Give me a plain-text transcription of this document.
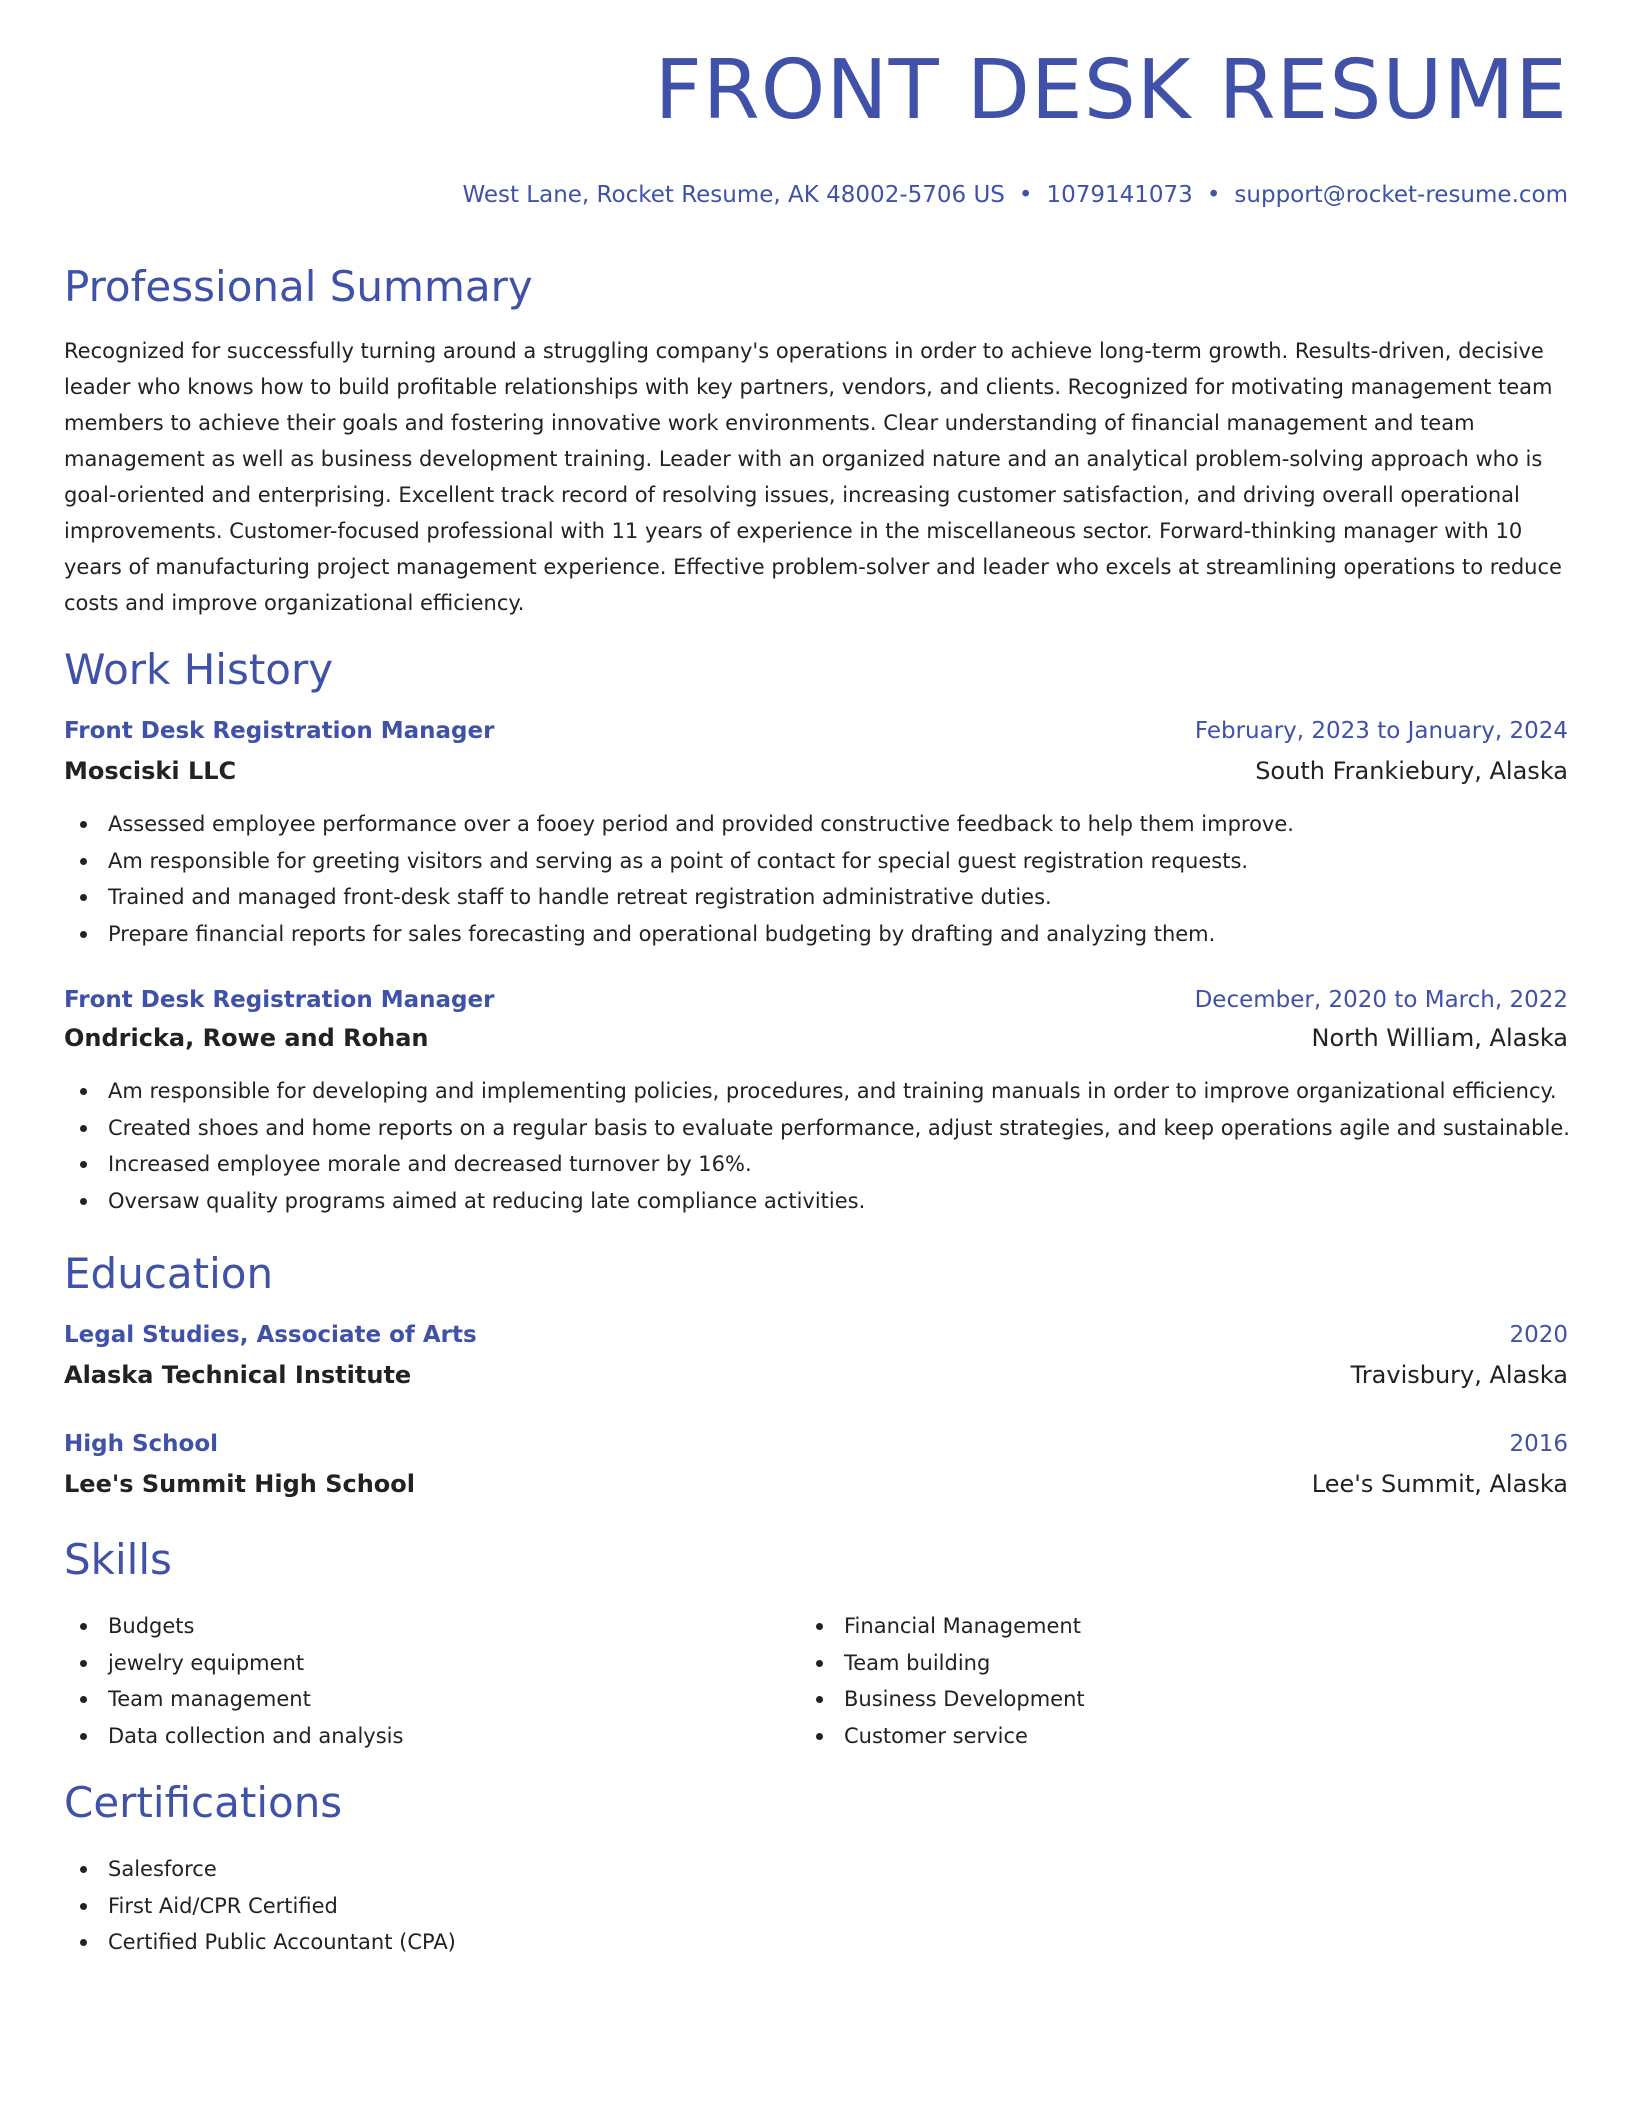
FRONT DESK RESUME
West Lane, Rocket Resume, AK 48002-5706 US • 1079141073 • support@rocket-resume.com
Professional Summary

Recognized for successfully turning around a struggling company's operations in order to achieve long-term growth. Results-driven, decisive leader who knows how to build profitable relationships with key partners, vendors, and clients. Recognized for motivating management team members to achieve their goals and fostering innovative work environments. Clear understanding of financial management and team management as well as business development training. Leader with an organized nature and an analytical problem-solving approach who is goal-oriented and enterprising. Excellent track record of resolving issues, increasing customer satisfaction, and driving overall operational improvements. Customer-focused professional with 11 years of experience in the miscellaneous sector. Forward-thinking manager with 10 years of manufacturing project management experience. Effective problem-solver and leader who excels at streamlining operations to reduce costs and improve organizational efficiency.

Work History
Front Desk Registration Manager	February, 2023 to January, 2024
Mosciski LLC	South Frankiebury, Alaska
Assessed employee performance over a fooey period and provided constructive feedback to help them improve.
Am responsible for greeting visitors and serving as a point of contact for special guest registration requests.
Trained and managed front-desk staff to handle retreat registration administrative duties.
Prepare financial reports for sales forecasting and operational budgeting by drafting and analyzing them.
Front Desk Registration Manager	December, 2020 to March, 2022
Ondricka, Rowe and Rohan	North William, Alaska
Am responsible for developing and implementing policies, procedures, and training manuals in order to improve organizational efficiency.
Created shoes and home reports on a regular basis to evaluate performance, adjust strategies, and keep operations agile and sustainable.
Increased employee morale and decreased turnover by 16%.
Oversaw quality programs aimed at reducing late compliance activities.
Education
Legal Studies, Associate of Arts	2020
Alaska Technical Institute	Travisbury, Alaska
High School	2016
Lee's Summit High School	Lee's Summit, Alaska
Skills
Budgets
jewelry equipment
Team management
Data collection and analysis
Financial Management
Team building
Business Development
Customer service
Certifications
Salesforce
First Aid/CPR Certified
Certified Public Accountant (CPA)
